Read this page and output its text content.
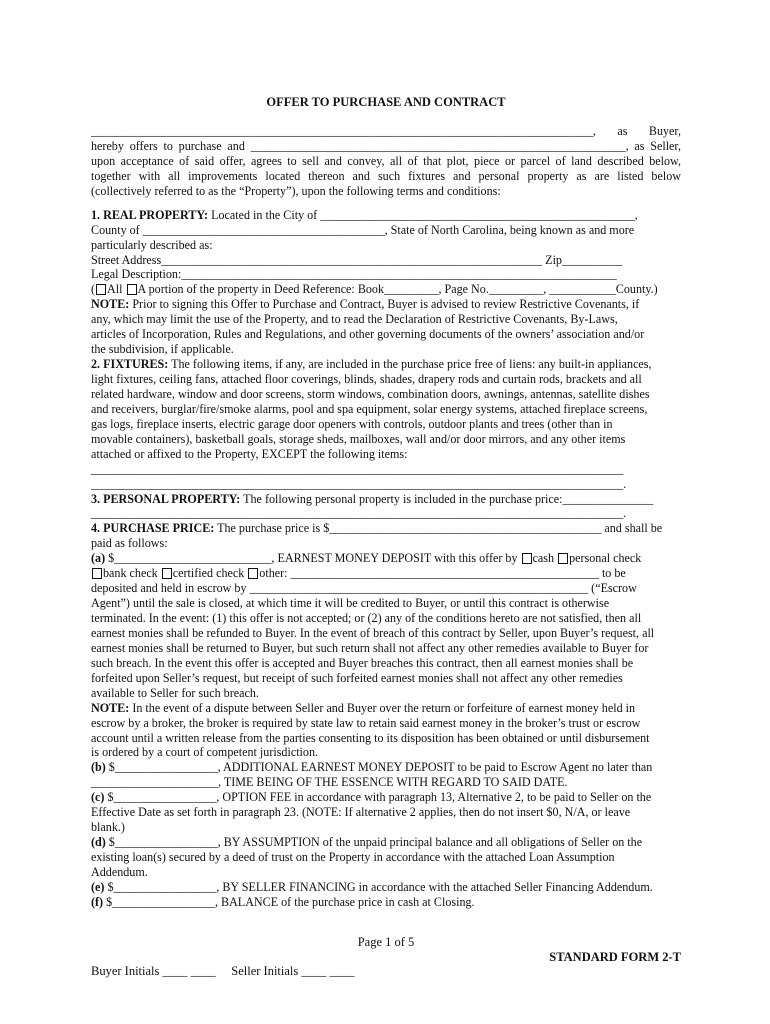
OFFER TO PURCHASE AND CONTRACT
___________________________________________________________________________________, as Buyer,
hereby offers to purchase and ______________________________________________________________, as Seller,
upon acceptance of said offer, agrees to sell and convey, all of that plot, piece or parcel of land described below,
together with all improvements located thereon and such fixtures and personal property as are listed below
(collectively referred to as the “Property”), upon the following terms and conditions:
1. REAL PROPERTY: Located in the City of ____________________________________________________,
County of ________________________________________, State of North Carolina, being known as and more
particularly described as:
Street Address_______________________________________________________________ Zip__________
Legal Description:________________________________________________________________________
( All A portion of the property in Deed Reference: Book_________, Page No._________, ___________County.)
NOTE: Prior to signing this Offer to Purchase and Contract, Buyer is advised to review Restrictive Covenants, if
any, which may limit the use of the Property, and to read the Declaration of Restrictive Covenants, By-Laws,
articles of Incorporation, Rules and Regulations, and other governing documents of the owners’ association and/or
the subdivision, if applicable.
2. FIXTURES: The following items, if any, are included in the purchase price free of liens: any built-in appliances,
light fixtures, ceiling fans, attached floor coverings, blinds, shades, drapery rods and curtain rods, brackets and all
related hardware, window and door screens, storm windows, combination doors, awnings, antennas, satellite dishes
and receivers, burglar/fire/smoke alarms, pool and spa equipment, solar energy systems, attached fireplace screens,
gas logs, fireplace inserts, electric garage door openers with controls, outdoor plants and trees (other than in
movable containers), basketball goals, storage sheds, mailboxes, wall and/or door mirrors, and any other items
attached or affixed to the Property, EXCEPT the following items:
________________________________________________________________________________________
________________________________________________________________________________________.
3. PERSONAL PROPERTY: The following personal property is included in the purchase price:_______________
________________________________________________________________________________________.
4. PURCHASE PRICE: The purchase price is $_____________________________________________ and shall be
paid as follows:
(a) $__________________________, EARNEST MONEY DEPOSIT with this offer by cash personal check
bank check certified check other: ___________________________________________________ to be
deposited and held in escrow by ________________________________________________________ (“Escrow
Agent”) until the sale is closed, at which time it will be credited to Buyer, or until this contract is otherwise
terminated. In the event: (1) this offer is not accepted; or (2) any of the conditions hereto are not satisfied, then all
earnest monies shall be refunded to Buyer. In the event of breach of this contract by Seller, upon Buyer’s request, all
earnest monies shall be returned to Buyer, but such return shall not affect any other remedies available to Buyer for
such breach. In the event this offer is accepted and Buyer breaches this contract, then all earnest monies shall be
forfeited upon Seller’s request, but receipt of such forfeited earnest monies shall not affect any other remedies
available to Seller for such breach.
NOTE: In the event of a dispute between Seller and Buyer over the return or forfeiture of earnest money held in
escrow by a broker, the broker is required by state law to retain said earnest money in the broker’s trust or escrow
account until a written release from the parties consenting to its disposition has been obtained or until disbursement
is ordered by a court of competent jurisdiction.
(b) $_________________, ADDITIONAL EARNEST MONEY DEPOSIT to be paid to Escrow Agent no later than
_____________________, TIME BEING OF THE ESSENCE WITH REGARD TO SAID DATE.
(c) $_________________, OPTION FEE in accordance with paragraph 13, Alternative 2, to be paid to Seller on the
Effective Date as set forth in paragraph 23. (NOTE: If alternative 2 applies, then do not insert $0, N/A, or leave
blank.)
(d) $_________________, BY ASSUMPTION of the unpaid principal balance and all obligations of Seller on the
existing loan(s) secured by a deed of trust on the Property in accordance with the attached Loan Assumption
Addendum.
(e) $_________________, BY SELLER FINANCING in accordance with the attached Seller Financing Addendum.
(f) $_________________, BALANCE of the purchase price in cash at Closing.
Page 1 of 5
STANDARD FORM 2-T
Buyer Initials ____ ____     Seller Initials ____ ____
